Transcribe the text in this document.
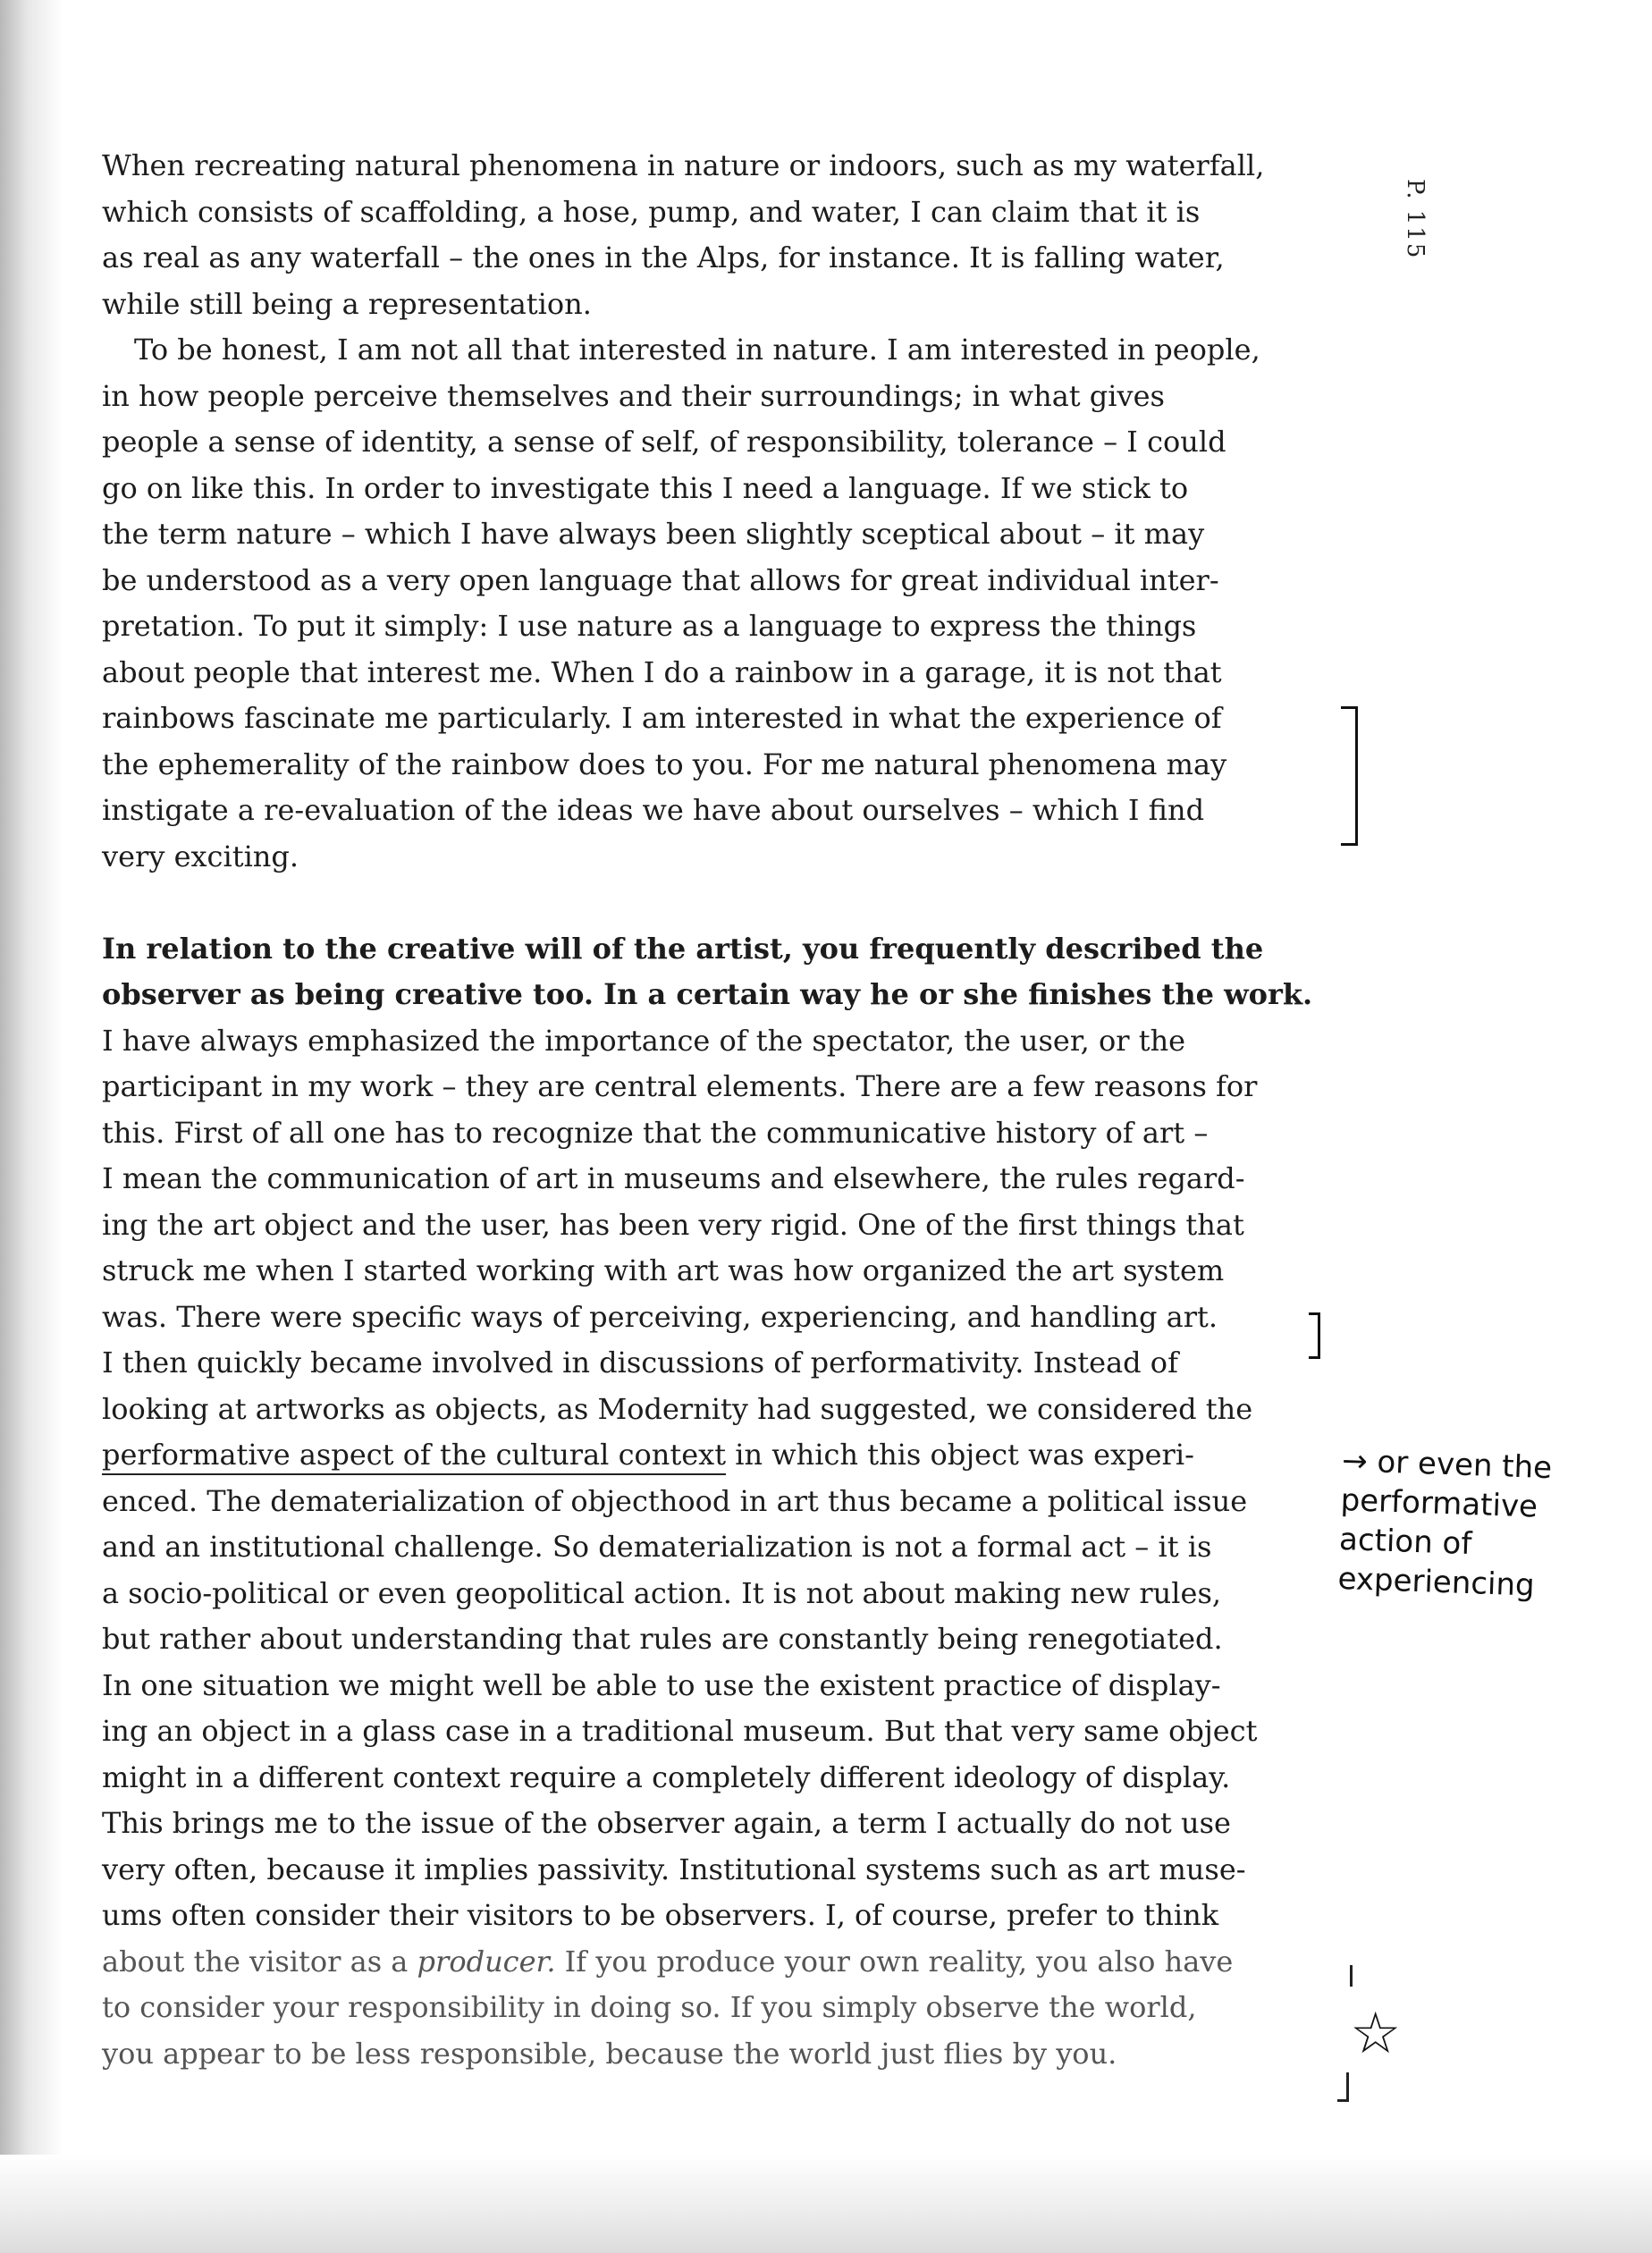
P. 115
When recreating natural phenomena in nature or indoors, such as my waterfall,
which consists of scaffolding, a hose, pump, and water, I can claim that it is
as real as any waterfall – the ones in the Alps, for instance. It is falling water,
while still being a representation.
To be honest, I am not all that interested in nature. I am interested in people,
in how people perceive themselves and their surroundings; in what gives
people a sense of identity, a sense of self, of responsibility, tolerance – I could
go on like this. In order to investigate this I need a language. If we stick to
the term nature – which I have always been slightly sceptical about – it may
be understood as a very open language that allows for great individual inter-
pretation. To put it simply: I use nature as a language to express the things
about people that interest me. When I do a rainbow in a garage, it is not that
rainbows fascinate me particularly. I am interested in what the experience of
the ephemerality of the rainbow does to you. For me natural phenomena may
instigate a re-evaluation of the ideas we have about ourselves – which I find
very exciting.
In relation to the creative will of the artist, you frequently described the
observer as being creative too. In a certain way he or she finishes the work.
I have always emphasized the importance of the spectator, the user, or the
participant in my work – they are central elements. There are a few reasons for
this. First of all one has to recognize that the communicative history of art –
I mean the communication of art in museums and elsewhere, the rules regard-
ing the art object and the user, has been very rigid. One of the first things that
struck me when I started working with art was how organized the art system
was. There were specific ways of perceiving, experiencing, and handling art.
I then quickly became involved in discussions of performativity. Instead of
looking at artworks as objects, as Modernity had suggested, we considered the
performative aspect of the cultural context in which this object was experi-
enced. The dematerialization of objecthood in art thus became a political issue
and an institutional challenge. So dematerialization is not a formal act – it is
a socio-political or even geopolitical action. It is not about making new rules,
but rather about understanding that rules are constantly being renegotiated.
In one situation we might well be able to use the existent practice of display-
ing an object in a glass case in a traditional museum. But that very same object
might in a different context require a completely different ideology of display.
This brings me to the issue of the observer again, a term I actually do not use
very often, because it implies passivity. Institutional systems such as art muse-
ums often consider their visitors to be observers. I, of course, prefer to think
about the visitor as a producer. If you produce your own reality, you also have
to consider your responsibility in doing so. If you simply observe the world,
you appear to be less responsible, because the world just flies by you.
→ or even the
performative
action of
experiencing
☆
